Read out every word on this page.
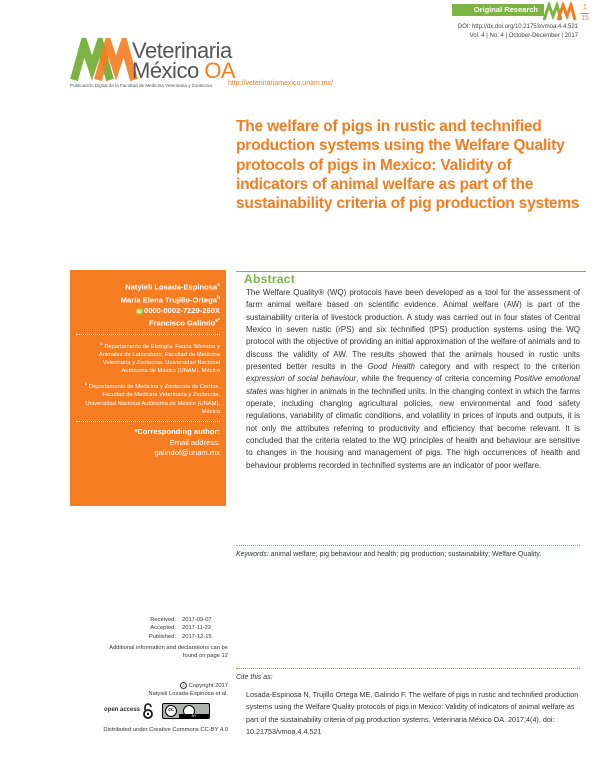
Original Research	1
15
DOI: http://dx.doi.org/10.21753/vmoa.4.4.521
Vol. 4 | No. 4 | October-December | 2017
Veterinaria
México OA
Publicación Digital de la Facultad de Medicina Veterinaria y Zootecnia http://veterinariamexico.unam.mx/
The welfare of pigs in rustic and technified production systems using the Welfare Quality protocols of pigs in Mexico: Validity of indicators of animal welfare as part of the sustainability criteria of pig production systems
Natyieli Losada-Espinosa$^a$
María Elena Trujillo-Ortega$^b$
iD 0000-0002-7229-260X
Francisco Galindo$^{a*}$
$^a$ Departamento de Etología, Fauna Silvestre y Animales de Laboratorio, Facultad de Medicina Veterinaria y Zootecnia, Universidad Nacional Autónoma de México (UNAM), México
$^b$ Departamento de Medicina y Zootecnia de Cerdos, Facultad de Medicina Veterinaria y Zootecnia, Universidad Nacional Autónoma de México (UNAM), México
*Corresponding author:
Email address:
galindof@unam.mx
Abstract
The Welfare Quality® (WQ) protocols have been developed as a tool for the assessment of farm animal welfare based on scientific evidence. Animal welfare (AW) is part of the sustainability criteria of livestock production. A study was carried out in four states of Central Mexico in seven rustic (rPS) and six technified (tPS) production systems using the WQ protocol with the objective of providing an initial approximation of the welfare of animals and to discuss the validity of AW. The results showed that the animals housed in rustic units presented better results in the Good Health category and with respect to the criterion expression of social behaviour, while the frequency of criteria concerning Positive emotional states was higher in animals in the technified units. In the changing context in which the farms operate, including changing agricultural policies, new environmental and food safety regulations, variability of climatic conditions, and volatility in prices of inputs and outputs, it is not only the attributes referring to productivity and efficiency that become relevant. It is concluded that the criteria related to the WQ principles of health and behaviour are sensitive to changes in the housing and management of pigs. The high occurrences of health and behaviour problems recorded in technified systems are an indicator of poor welfare.
Keywords: animal welfare; pig behaviour and health; pig production; sustainability; Welfare Quality.
Received:	2017-09-07
Accepted:	2017-11-22
Published:	2017-12-15
Additional information and declarations can be found on page 12
c Copyright 2017
Natyieli Losada-Espinosa et al.
open access	cc
BY
Distributed under Creative Commons CC-BY 4.0
Cite this as:
Losada-Espinosa N, Trujillo Ortega ME, Galindo F. The welfare of pigs in rustic and technified production systems using the Welfare Quality protocols of pigs in Mexico: Validity of indicators of animal welfare as part of the sustainability criteria of pig production systems. Veterinaria México OA. 2017;4(4). doi: 10.21753/vmoa.4.4.521
